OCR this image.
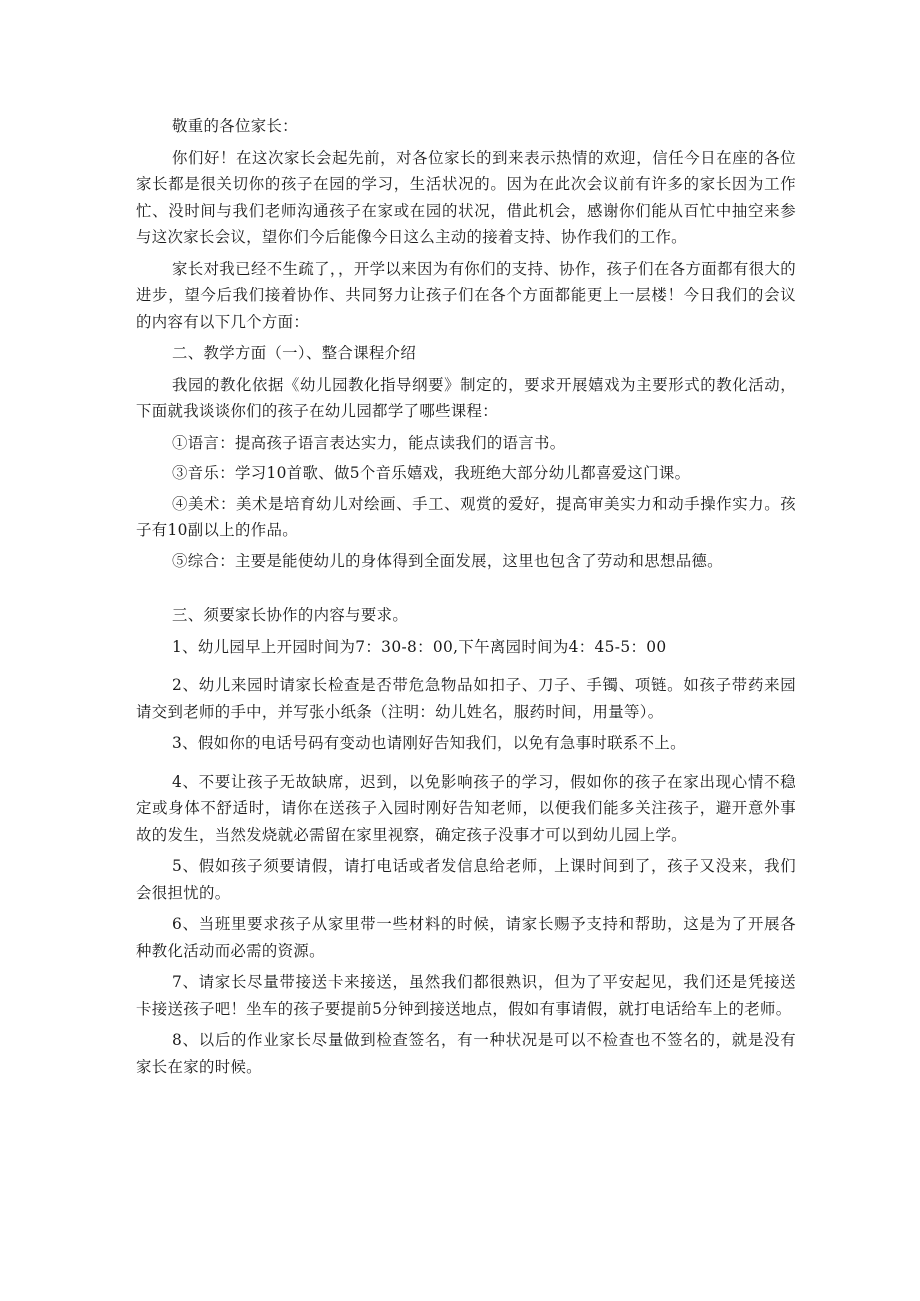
敬重的各位家长：

你们好！在这次家长会起先前，对各位家长的到来表示热情的欢迎，信任今日在座的各位家长都是很关切你的孩子在园的学习，生活状况的。因为在此次会议前有许多的家长因为工作忙、没时间与我们老师沟通孩子在家或在园的状况，借此机会，感谢你们能从百忙中抽空来参与这次家长会议，望你们今后能像今日这么主动的接着支持、协作我们的工作。

家长对我已经不生疏了，，开学以来因为有你们的支持、协作，孩子们在各方面都有很大的进步，望今后我们接着协作、共同努力让孩子们在各个方面都能更上一层楼！今日我们的会议的内容有以下几个方面：

二、教学方面（一）、整合课程介绍

我园的教化依据《幼儿园教化指导纲要》制定的，要求开展嬉戏为主要形式的教化活动，下面就我谈谈你们的孩子在幼儿园都学了哪些课程：

①语言：提高孩子语言表达实力，能点读我们的语言书。

③音乐：学习10首歌、做5个音乐嬉戏，我班绝大部分幼儿都喜爱这门课。

④美术：美术是培育幼儿对绘画、手工、观赏的爱好，提高审美实力和动手操作实力。孩子有10副以上的作品。

⑤综合：主要是能使幼儿的身体得到全面发展，这里也包含了劳动和思想品德。

三、须要家长协作的内容与要求。

1、幼儿园早上开园时间为7：30-8：00,下午离园时间为4：45-5：00

2、幼儿来园时请家长检查是否带危急物品如扣子、刀子、手镯、项链。如孩子带药来园请交到老师的手中，并写张小纸条（注明：幼儿姓名，服药时间，用量等）。

3、假如你的电话号码有变动也请刚好告知我们，以免有急事时联系不上。

4、不要让孩子无故缺席，迟到，以免影响孩子的学习，假如你的孩子在家出现心情不稳定或身体不舒适时，请你在送孩子入园时刚好告知老师，以便我们能多关注孩子，避开意外事故的发生，当然发烧就必需留在家里视察，确定孩子没事才可以到幼儿园上学。

5、假如孩子须要请假，请打电话或者发信息给老师，上课时间到了，孩子又没来，我们会很担忧的。

6、当班里要求孩子从家里带一些材料的时候，请家长赐予支持和帮助，这是为了开展各种教化活动而必需的资源。

7、请家长尽量带接送卡来接送，虽然我们都很熟识，但为了平安起见，我们还是凭接送卡接送孩子吧！坐车的孩子要提前5分钟到接送地点，假如有事请假，就打电话给车上的老师。

8、以后的作业家长尽量做到检查签名，有一种状况是可以不检查也不签名的，就是没有家长在家的时候。
